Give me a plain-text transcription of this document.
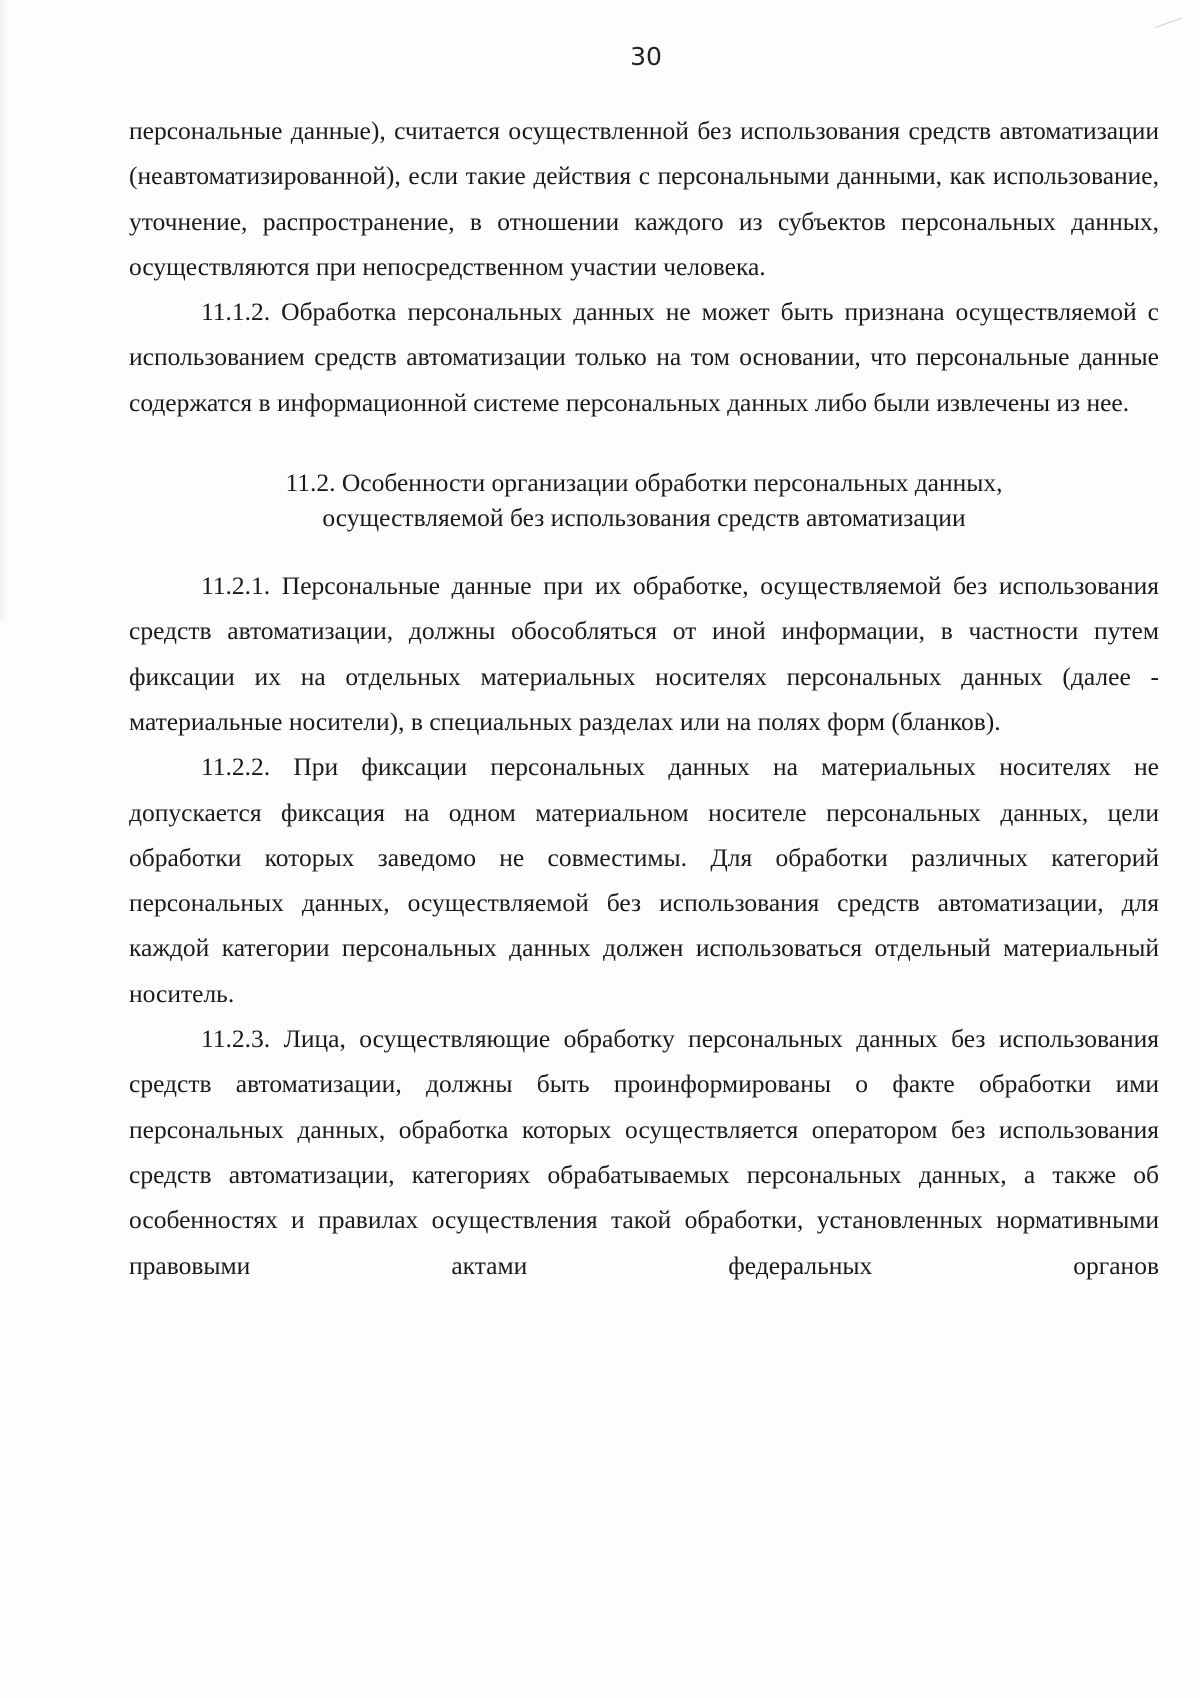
30

персональные данные), считается осуществленной без использования средств автоматизации (неавтоматизированной), если такие действия с персональными данными, как использование, уточнение, распространение, в отношении каждого из субъектов персональных данных, осуществляются при непосредственном участии человека.

11.1.2. Обработка персональных данных не может быть признана осуществляемой с использованием средств автоматизации только на том основании, что персональные данные содержатся в информационной системе персональных данных либо были извлечены из нее.

11.2. Особенности организации обработки персональных данных,
осуществляемой без использования средств автоматизации

11.2.1. Персональные данные при их обработке, осуществляемой без использования средств автоматизации, должны обособляться от иной информации, в частности путем фиксации их на отдельных материальных носителях персональных данных (далее - материальные носители), в специальных разделах или на полях форм (бланков).

11.2.2. При фиксации персональных данных на материальных носителях не допускается фиксация на одном материальном носителе персональных данных, цели обработки которых заведомо не совместимы. Для обработки различных категорий персональных данных, осуществляемой без использования средств автоматизации, для каждой категории персональных данных должен использоваться отдельный материальный носитель.

11.2.3. Лица, осуществляющие обработку персональных данных без использования средств автоматизации, должны быть проинформированы о факте обработки ими персональных данных, обработка которых осуществляется оператором без использования средств автоматизации, категориях обрабатываемых персональных данных, а также об особенностях и правилах осуществления такой обработки, установленных нормативными правовыми актами федеральных органов
